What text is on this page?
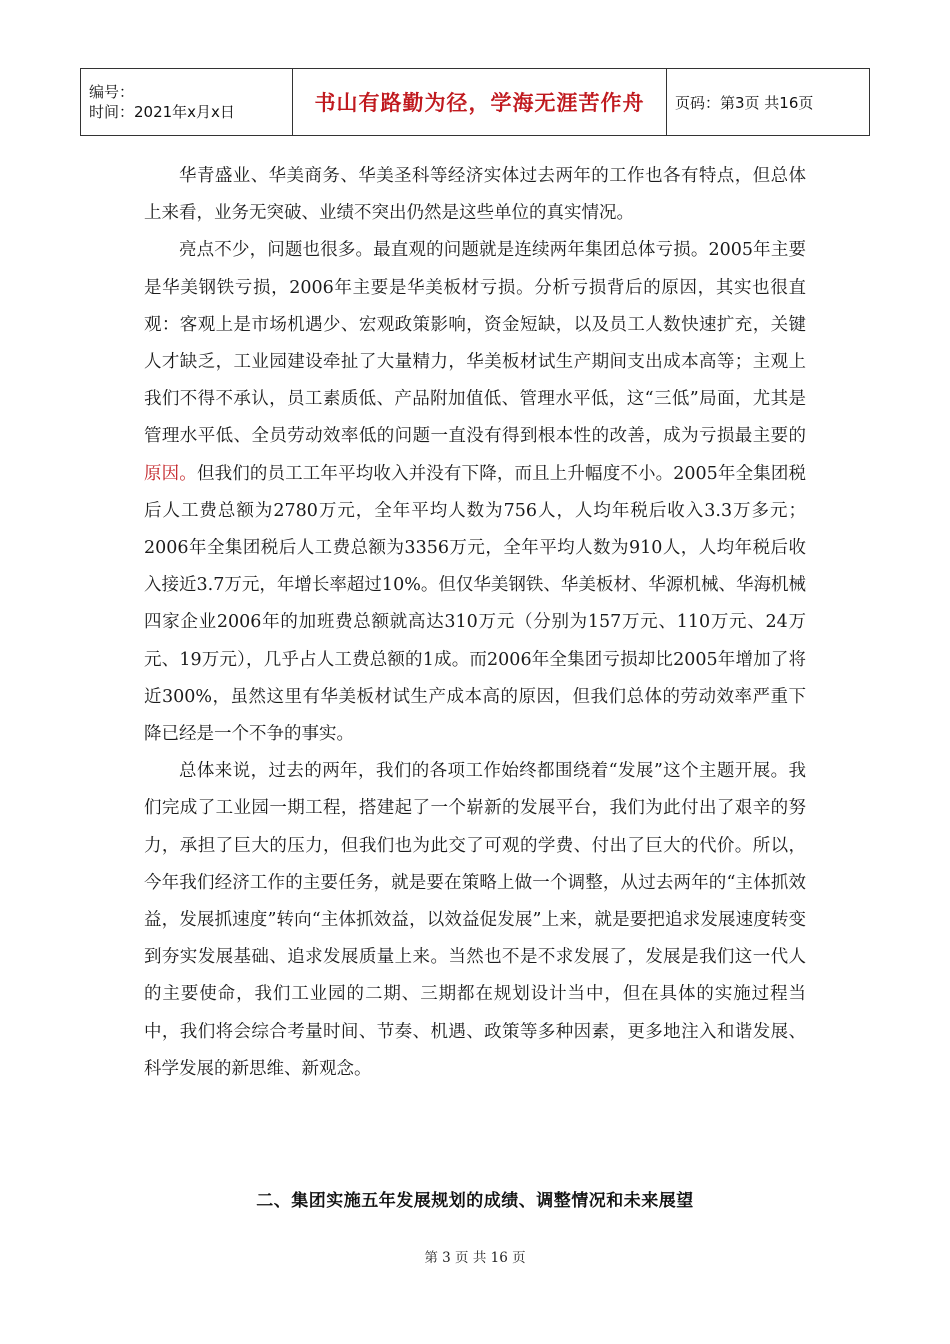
编号：
时间：2021年x月x日	书山有路勤为径，学海无涯苦作舟	页码：第3页 共16页

华青盛业、华美商务、华美圣科等经济实体过去两年的工作也各有特点，但总体上来看，业务无突破、业绩不突出仍然是这些单位的真实情况。

亮点不少，问题也很多。最直观的问题就是连续两年集团总体亏损。2005年主要是华美钢铁亏损，2006年主要是华美板材亏损。分析亏损背后的原因，其实也很直观：客观上是市场机遇少、宏观政策影响，资金短缺，以及员工人数快速扩充，关键人才缺乏，工业园建设牵扯了大量精力，华美板材试生产期间支出成本高等；主观上我们不得不承认，员工素质低、产品附加值低、管理水平低，这“三低”局面，尤其是管理水平低、全员劳动效率低的问题一直没有得到根本性的改善，成为亏损最主要的原因。但我们的员工工年平均收入并没有下降，而且上升幅度不小。2005年全集团税后人工费总额为2780万元，全年平均人数为756人，人均年税后收入3.3万多元；2006年全集团税后人工费总额为3356万元，全年平均人数为910人，人均年税后收入接近3.7万元，年增长率超过10%。但仅华美钢铁、华美板材、华源机械、华海机械四家企业2006年的加班费总额就高达310万元（分别为157万元、110万元、24万元、19万元），几乎占人工费总额的1成。而2006年全集团亏损却比2005年增加了将近300%，虽然这里有华美板材试生产成本高的原因，但我们总体的劳动效率严重下降已经是一个不争的事实。

总体来说，过去的两年，我们的各项工作始终都围绕着“发展”这个主题开展。我们完成了工业园一期工程，搭建起了一个崭新的发展平台，我们为此付出了艰辛的努力，承担了巨大的压力，但我们也为此交了可观的学费、付出了巨大的代价。所以，今年我们经济工作的主要任务，就是要在策略上做一个调整，从过去两年的“主体抓效益，发展抓速度”转向“主体抓效益，以效益促发展”上来，就是要把追求发展速度转变到夯实发展基础、追求发展质量上来。当然也不是不求发展了，发展是我们这一代人的主要使命，我们工业园的二期、三期都在规划设计当中，但在具体的实施过程当中，我们将会综合考量时间、节奏、机遇、政策等多种因素，更多地注入和谐发展、科学发展的新思维、新观念。

二、集团实施五年发展规划的成绩、调整情况和未来展望
第 3 页 共 16 页
